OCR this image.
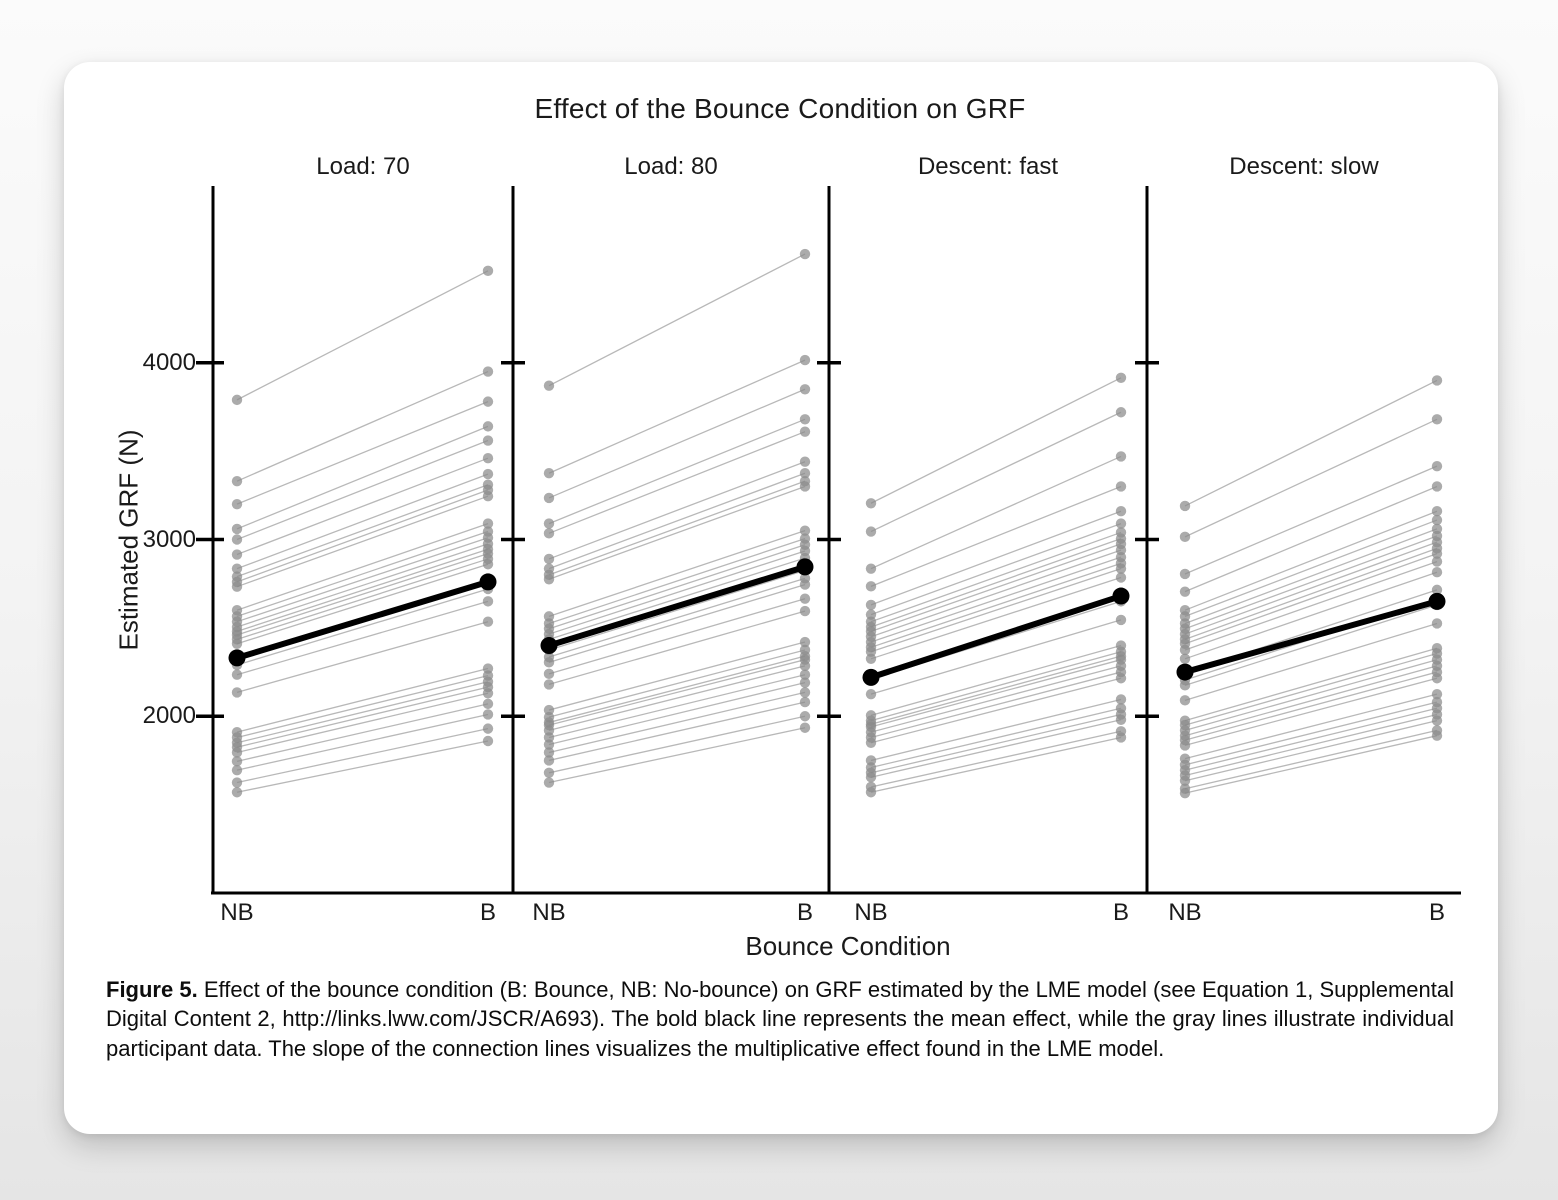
Effect of the Bounce Condition on GRF
Load: 70	Load: 80	Descent: fast	Descent: slow
Estimated GRF (N)
4000
3000
2000
NB	B	NB	B	NB	B	NB	B
Bounce Condition

Figure 5. Effect of the bounce condition (B: Bounce, NB: No-bounce) on GRF estimated by the LME model (see Equation 1, Supplemental Digital Content 2, http://links.lww.com/JSCR/A693). The bold black line represents the mean effect, while the gray lines illustrate individual participant data. The slope of the connection lines visualizes the multiplicative effect found in the LME model.
